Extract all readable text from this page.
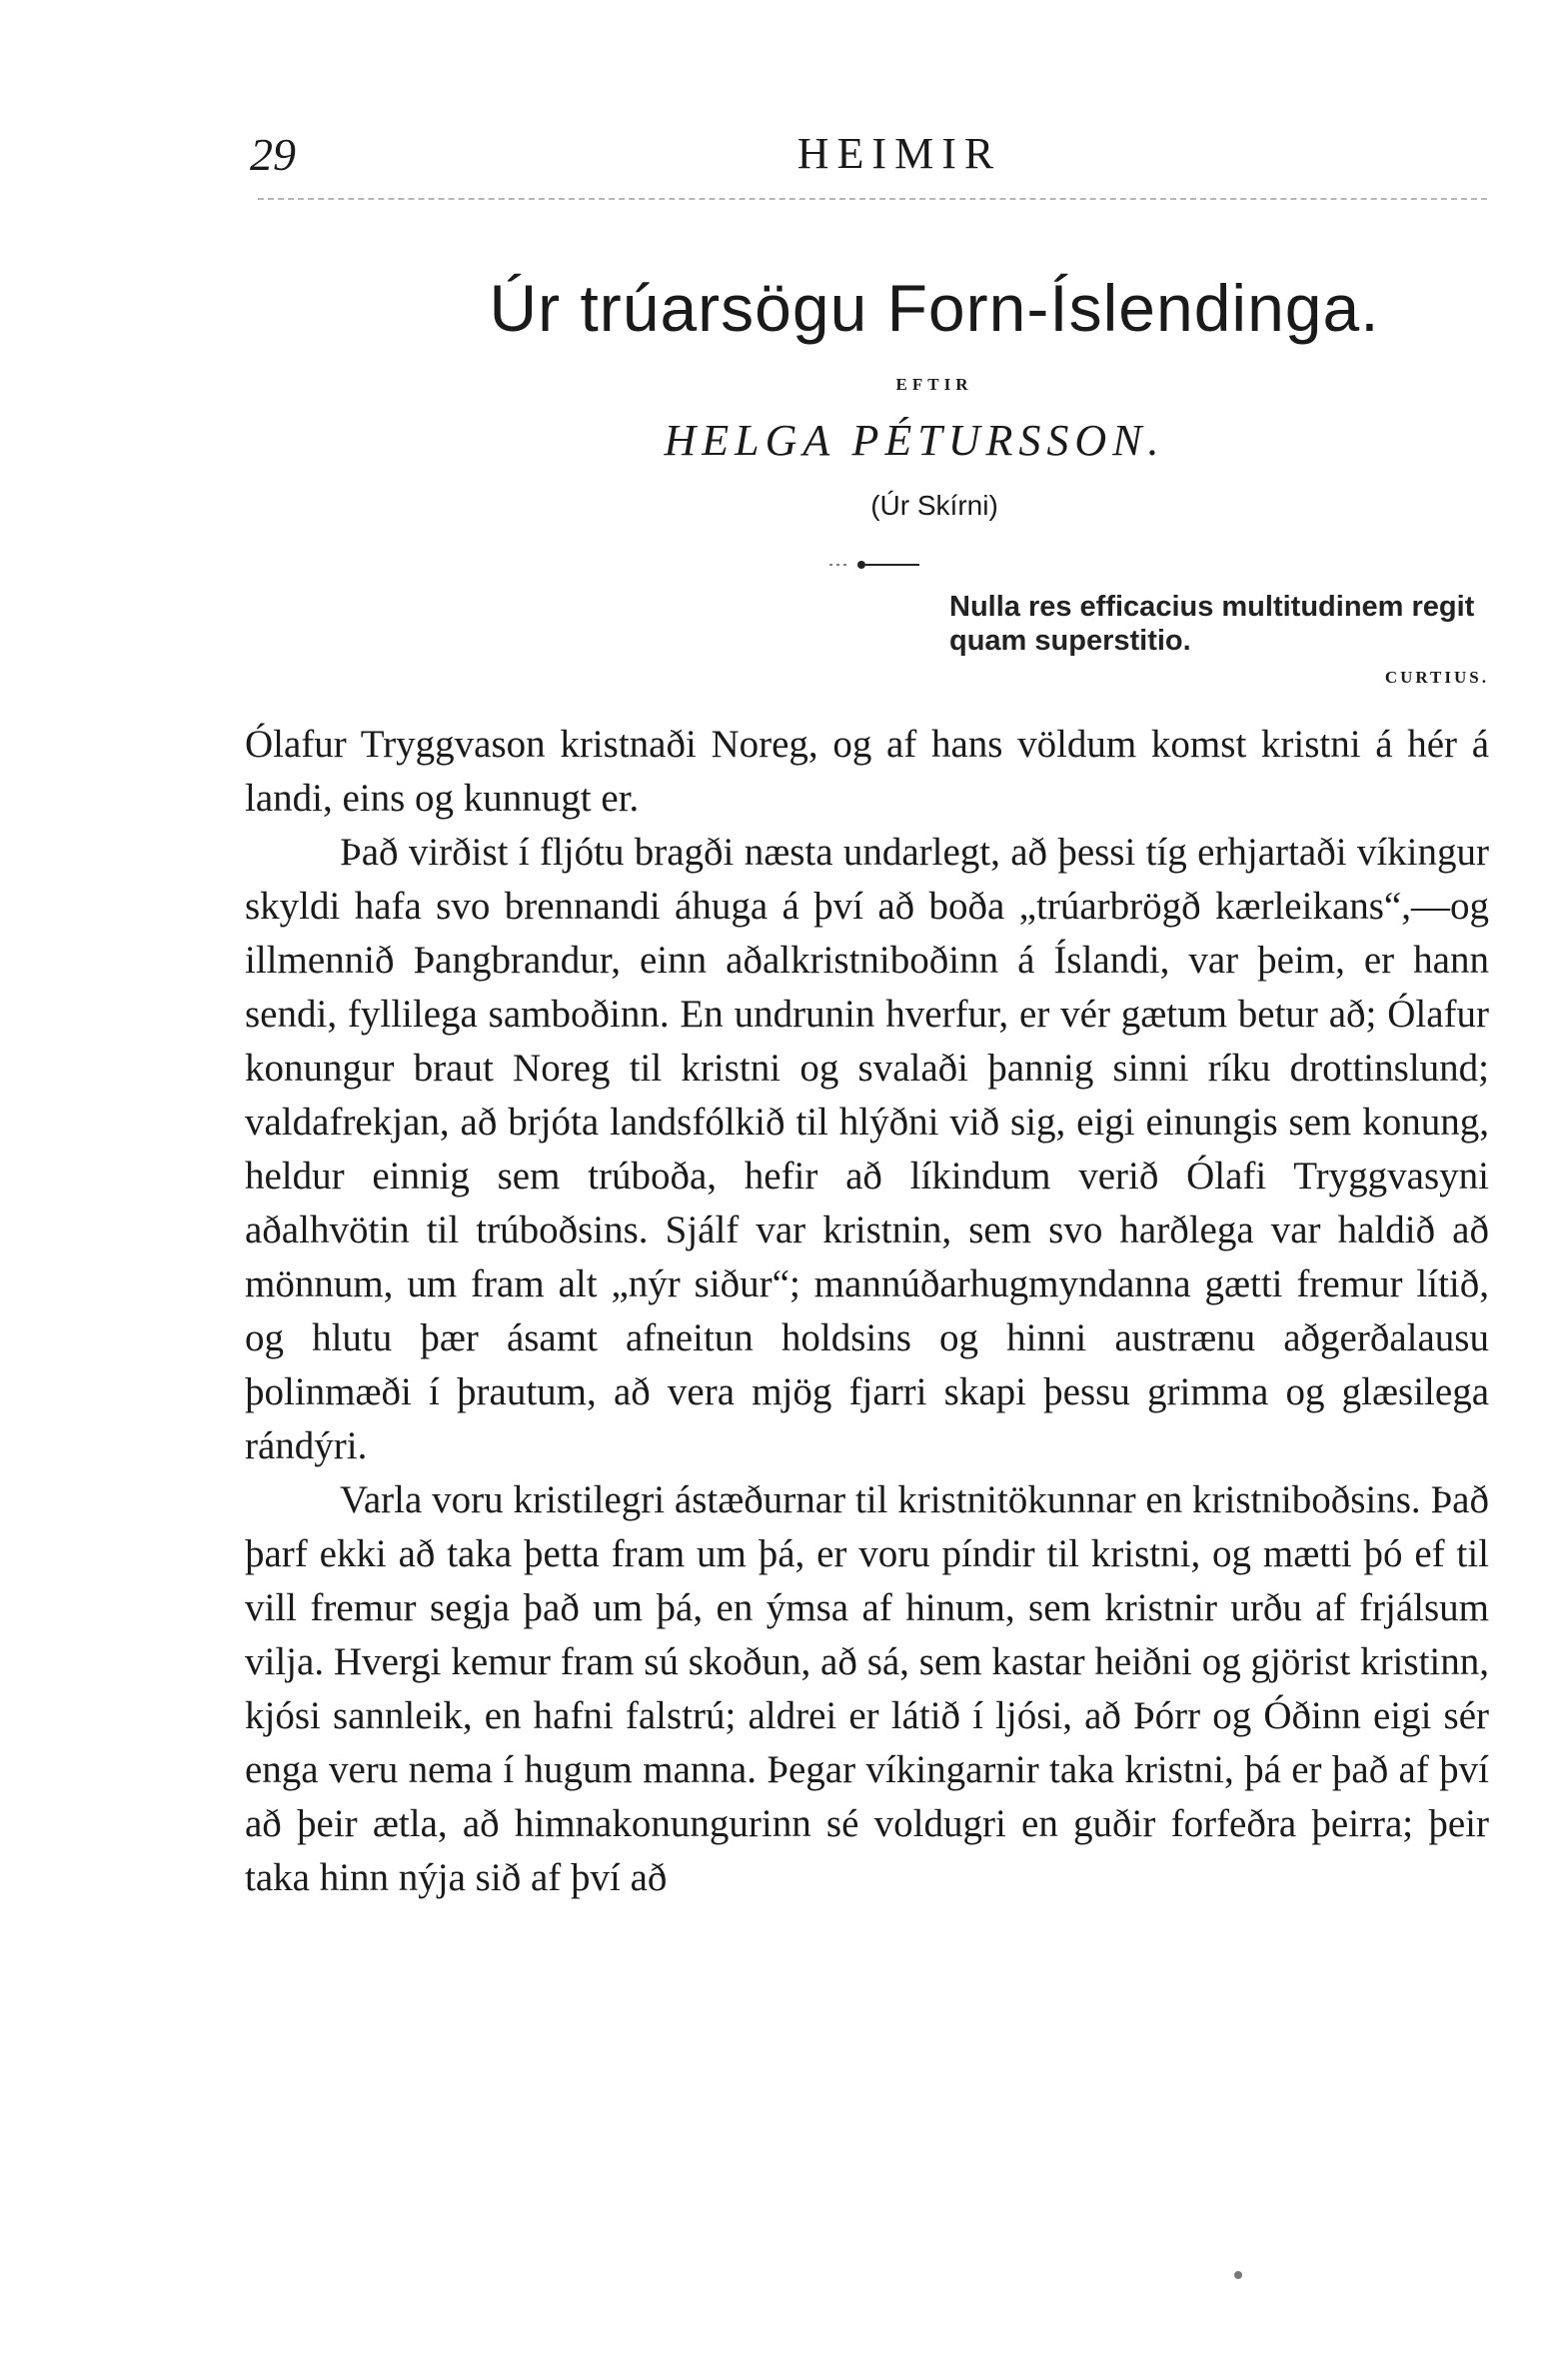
29	HEIMIR
Úr trúarsögu Forn-Íslendinga.
EFTIR
HELGA PÉTURSSON.
(Úr Skírni)
Nulla res efficacius multitudinem regit quam superstitio.
CURTIUS.

Ólafur Tryggvason kristnaði Noreg, og af hans völdum komst kristni á hér á landi, eins og kunnugt er.

Það virðist í fljótu bragði næsta undarlegt, að þessi tíg erhjartaði víkingur skyldi hafa svo brennandi áhuga á því að boða „trúarbrögð kærleikans“,—og illmennið Þangbrandur, einn aðalkristniboðinn á Íslandi, var þeim, er hann sendi, fyllilega samboðinn. En undrunin hverfur, er vér gætum betur að; Ólafur konungur braut Noreg til kristni og svalaði þannig sinni ríku drottinslund; valdafrekjan, að brjóta landsfólkið til hlýðni við sig, eigi einungis sem konung, heldur einnig sem trúboða, hefir að líkindum verið Ólafi Tryggvasyni aðalhvötin til trúboðsins. Sjálf var kristnin, sem svo harðlega var haldið að mönnum, um fram alt „nýr siður“; mannúðarhugmyndanna gætti fremur lítið, og hlutu þær ásamt afneitun holdsins og hinni austrænu aðgerðalausu þolinmæði í þrautum, að vera mjög fjarri skapi þessu grimma og glæsilega rándýri.

Varla voru kristilegri ástæðurnar til kristnitökunnar en kristniboðsins. Það þarf ekki að taka þetta fram um þá, er voru píndir til kristni, og mætti þó ef til vill fremur segja það um þá, en ýmsa af hinum, sem kristnir urðu af frjálsum vilja. Hvergi kemur fram sú skoðun, að sá, sem kastar heiðni og gjörist kristinn, kjósi sannleik, en hafni falstrú; aldrei er látið í ljósi, að Þórr og Óðinn eigi sér enga veru nema í hugum manna. Þegar víkingarnir taka kristni, þá er það af því að þeir ætla, að himnakonungurinn sé voldugri en guðir forfeðra þeirra; þeir taka hinn nýja sið af því að
